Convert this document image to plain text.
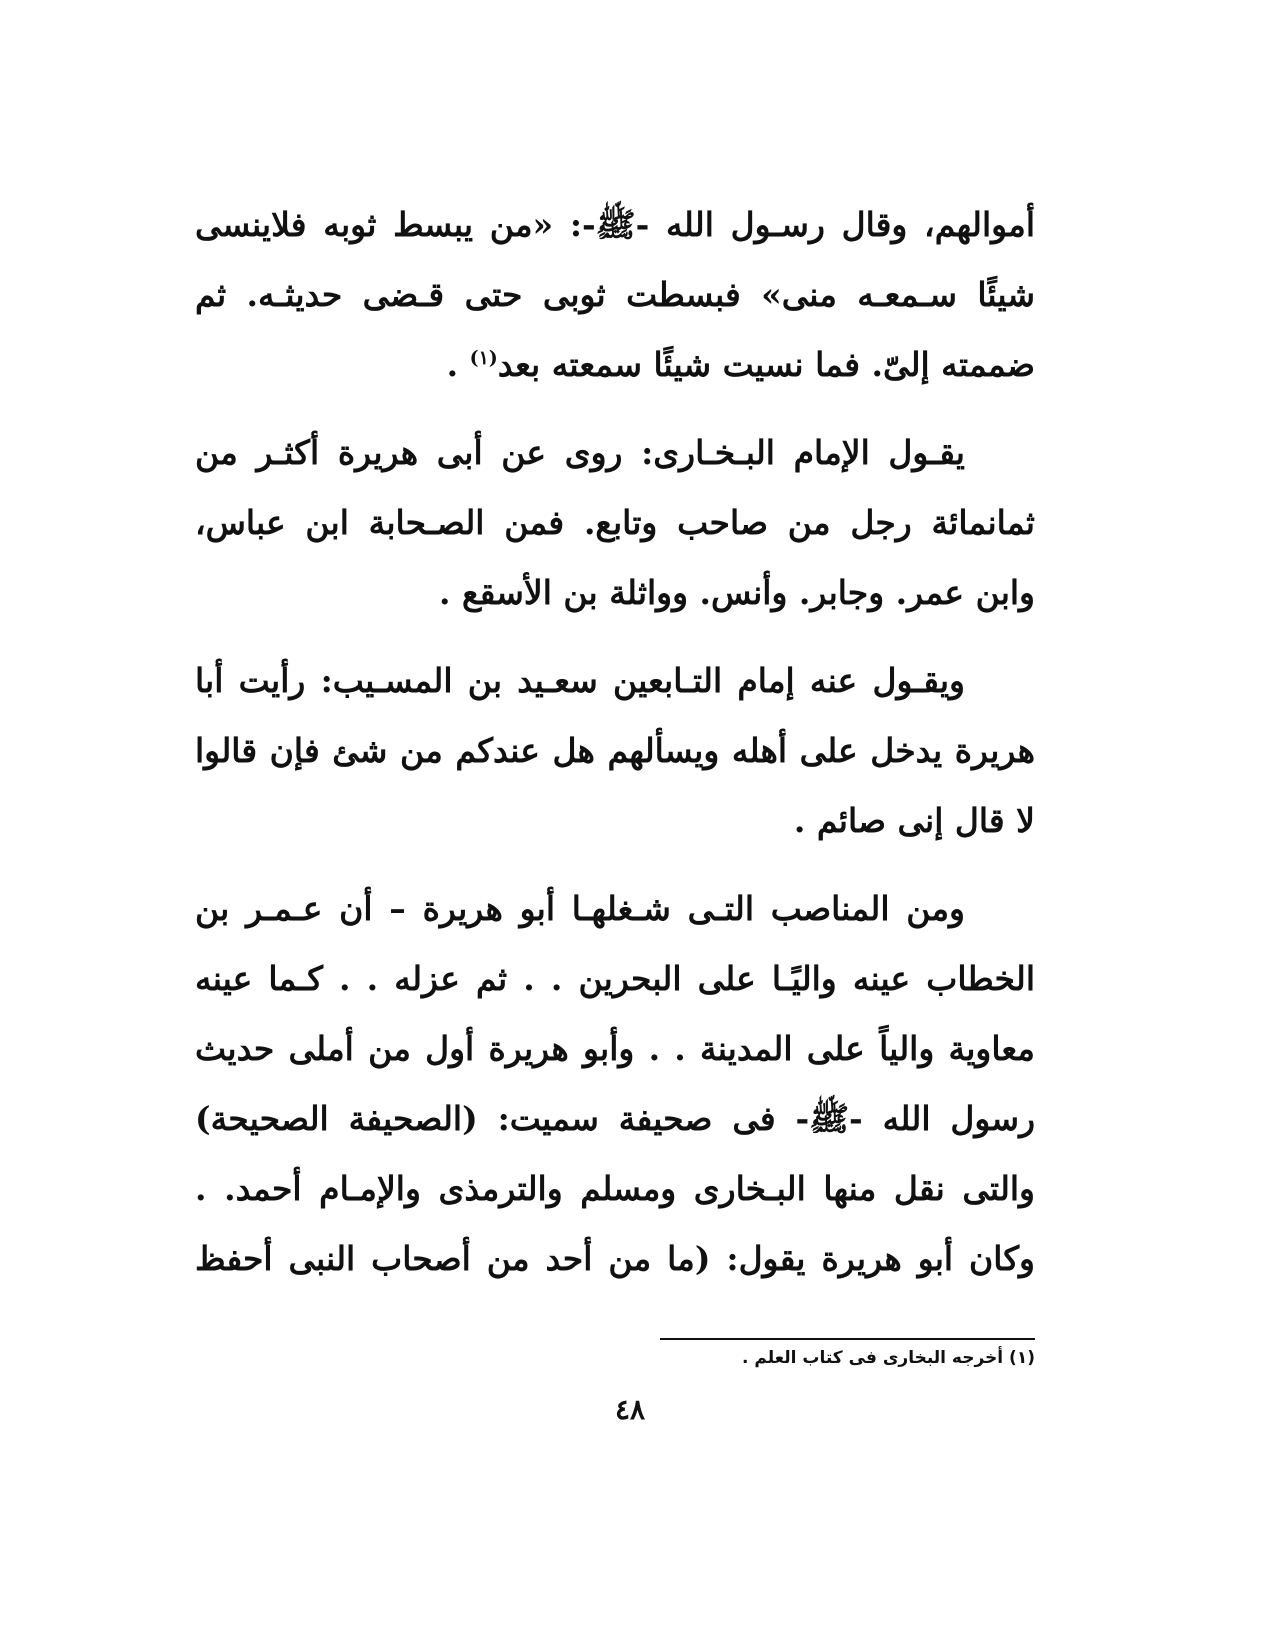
أموالهم، وقال رسـول الله -ﷺ-: «من يبسط ثوبه فلاينسى
شيئًا سـمعـه منى» فبسطت ثوبى حتى قـضى حديثـه. ثم
ضممته إلىّ. فما نسيت شيئًا سمعته بعد$^{(١)}$ .
يقـول الإمام البـخـارى: روى عن أبى هريرة أكثـر من
ثمانمائة رجل من صاحب وتابع. فمن الصـحابة ابن عباس،
وابن عمر. وجابر. وأنس. وواثلة بن الأسقع .
ويقـول عنه إمام التـابعين سعـيد بن المسـيب: رأيت أبا
هريرة يدخل على أهله ويسألهم هل عندكم من شئ فإن قالوا
لا قال إنى صائم .
ومن المناصب التـى شـغلهـا أبو هريرة – أن عـمـر بن
الخطاب عينه واليًـا على البحرين . . ثم عزله . . كـما عينه
معاوية والياً على المدينة . . وأبو هريرة أول من أملى حديث
رسول الله -ﷺ- فى صحيفة سميت: (الصحيفة الصحيحة)
والتى نقل منها البـخارى ومسلم والترمذى والإمـام أحمد. .
وكان أبو هريرة يقول: (ما من أحد من أصحاب النبى أحفظ
(١) أخرجه البخارى فى كتاب العلم .
٤٨
